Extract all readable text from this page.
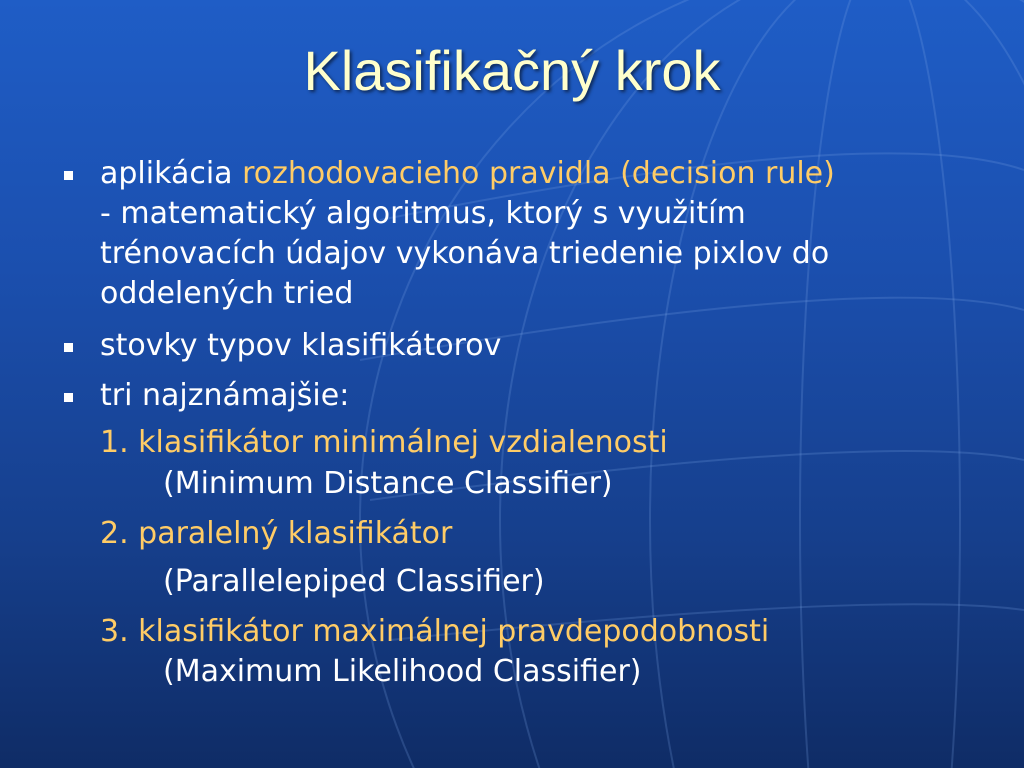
Klasifikačný krok
aplikácia rozhodovacieho pravidla (decision rule)
- matematický algoritmus, ktorý s využitím
trénovacích údajov vykonáva triedenie pixlov do
oddelených tried
stovky typov klasifikátorov
tri najznámajšie:
1. klasifikátor minimálnej vzdialenosti
(Minimum Distance Classifier)
2. paralelný klasifikátor
(Parallelepiped Classifier)
3. klasifikátor maximálnej pravdepodobnosti
(Maximum Likelihood Classifier)
